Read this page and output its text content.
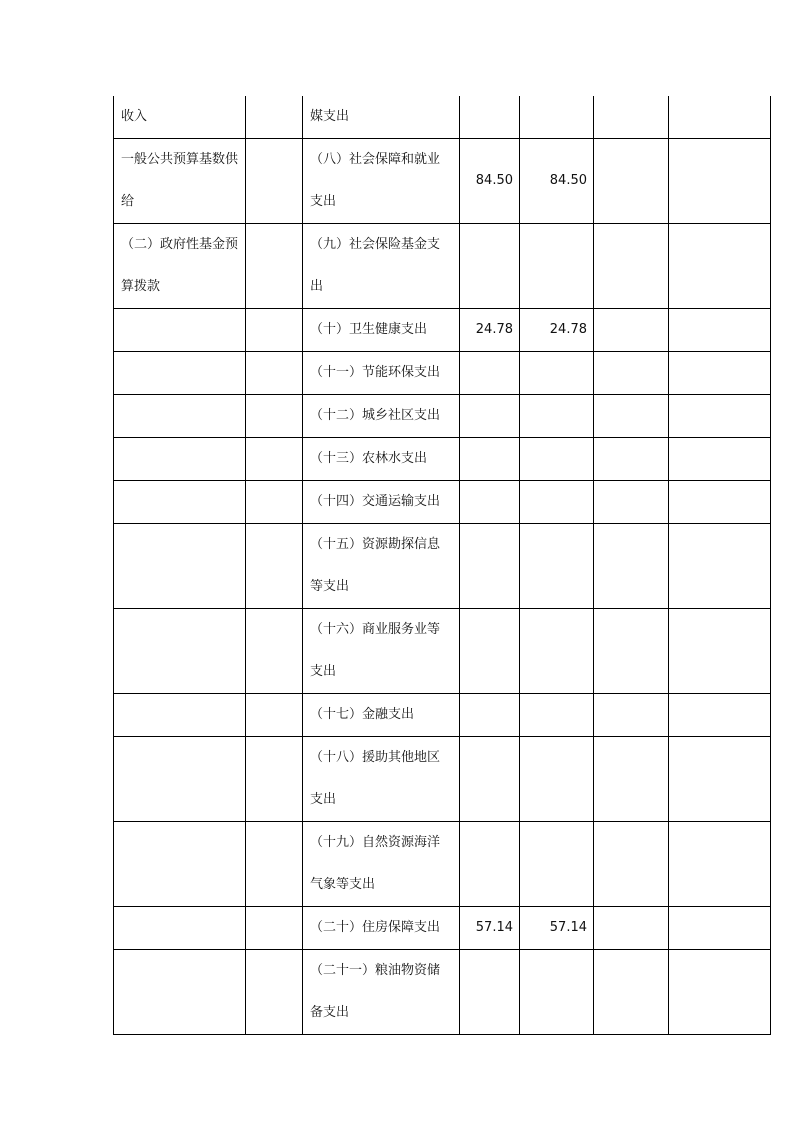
收入		媒支出				
一般公共预算基数供给		（八）社会保障和就业支出	84.50	84.50		
（二）政府性基金预算拨款		（九）社会保险基金支出				
		（十）卫生健康支出	24.78	24.78		
		（十一）节能环保支出				
		（十二）城乡社区支出				
		（十三）农林水支出				
		（十四）交通运输支出				
		（十五）资源勘探信息等支出				
		（十六）商业服务业等支出				
		（十七）金融支出				
		（十八）援助其他地区支出				
		（十九）自然资源海洋气象等支出				
		（二十）住房保障支出	57.14	57.14		
		（二十一）粮油物资储备支出				
